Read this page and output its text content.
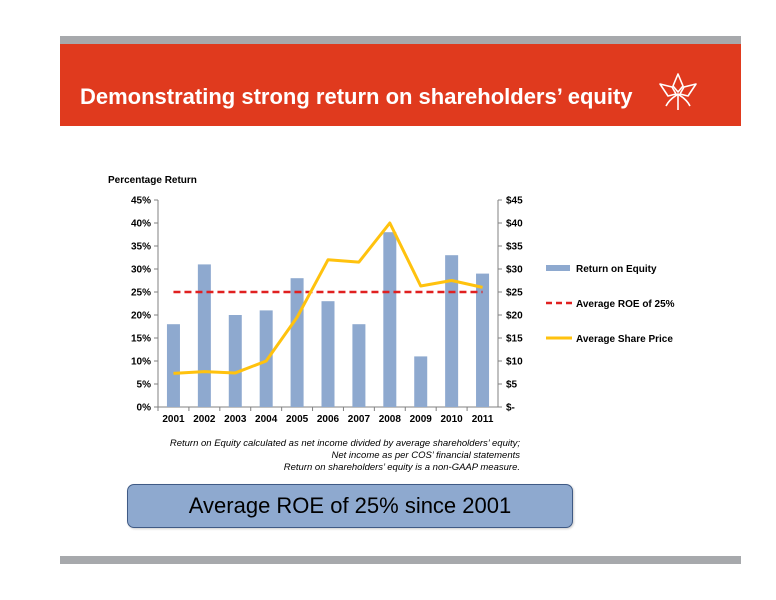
Demonstrating strong return on shareholders’ equity
Percentage Return
0%
5%
10%
15%
20%
25%
30%
35%
40%
45%
$-
$5
$10
$15
$20
$25
$30
$35
$40
$45
2001 2002 2003 2004 2005 2006 2007 2008 2009 2010 2011
Return on Equity
Average ROE of 25%
Average Share Price
Return on Equity calculated as net income divided by average shareholders’ equity;
Net income as per COS’ financial statements
Return on shareholders’ equity is a non-GAAP measure.
Average ROE of 25% since 2001
